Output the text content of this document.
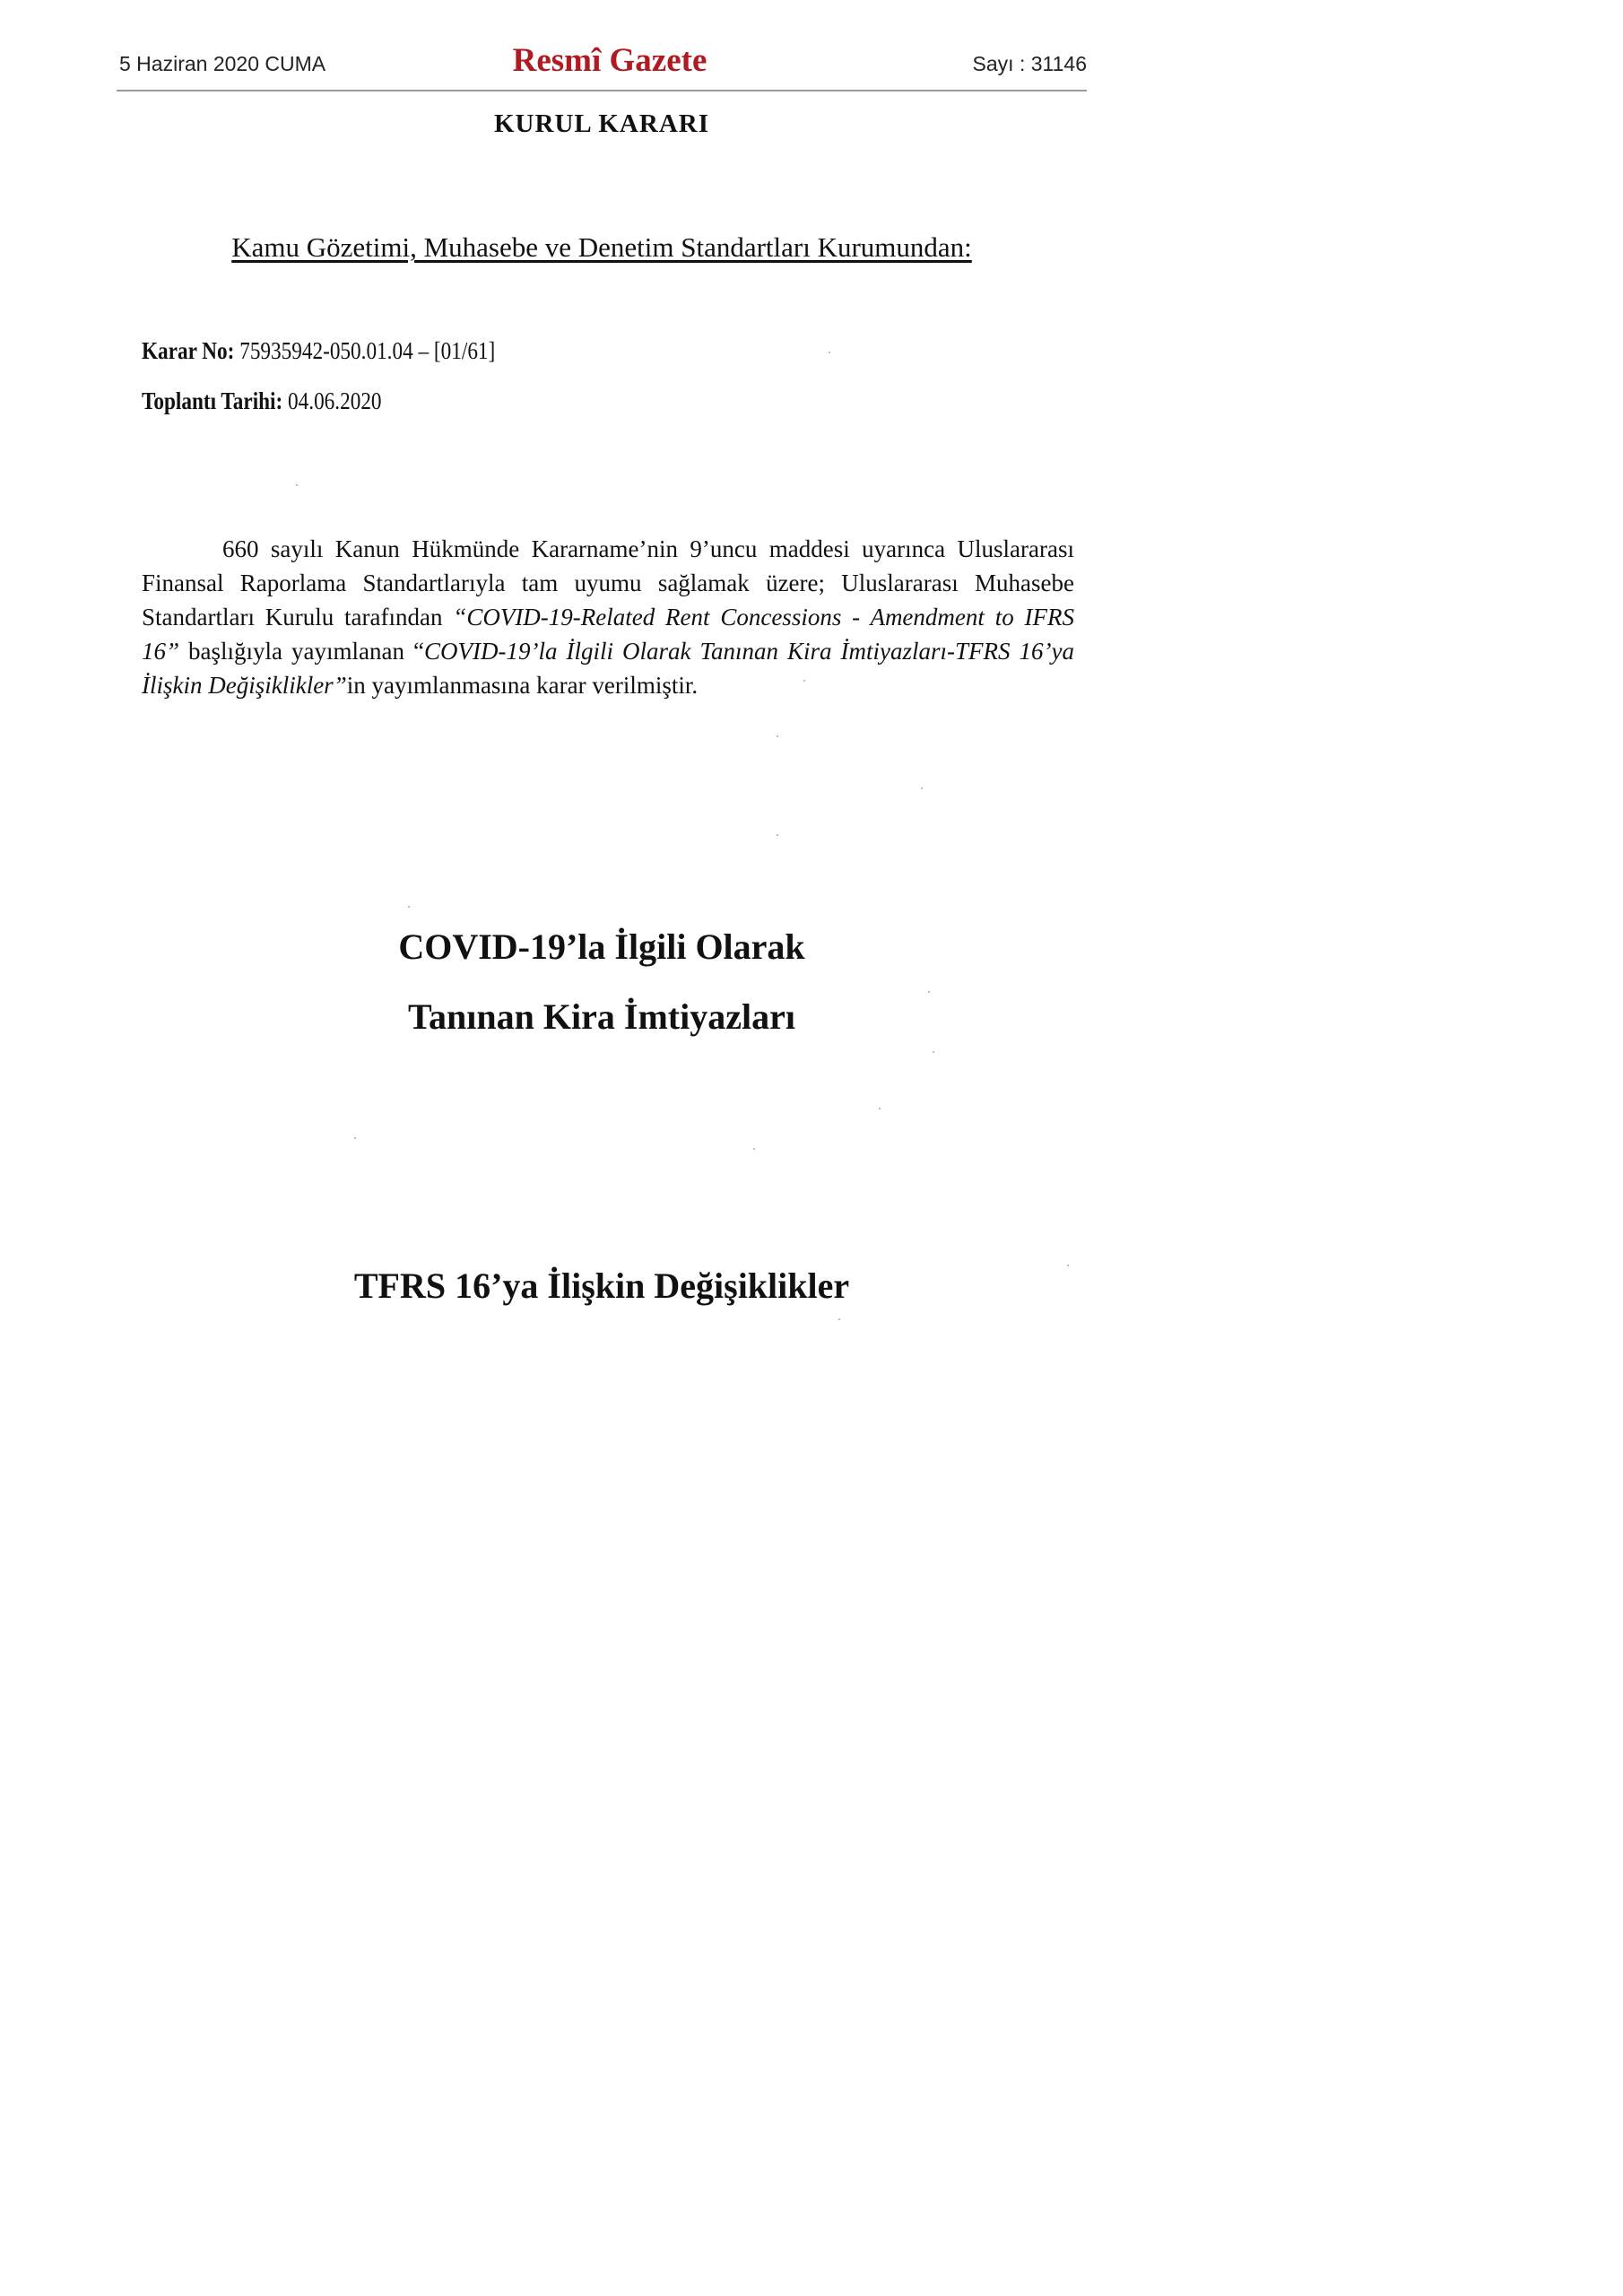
5 Haziran 2020 CUMA	Resmî Gazete	Sayı : 31146
KURUL KARARI
Kamu Gözetimi, Muhasebe ve Denetim Standartları Kurumundan:
Karar No: 75935942-050.01.04 – [01/61]
Toplantı Tarihi: 04.06.2020

660 sayılı Kanun Hükmünde Kararname’nin 9’uncu maddesi uyarınca Uluslararası Finansal Raporlama Standartlarıyla tam uyumu sağlamak üzere; Uluslararası Muhasebe Standartları Kurulu tarafından “COVID-19-Related Rent Concessions - Amendment to IFRS 16” başlığıyla yayımlanan “COVID-19’la İlgili Olarak Tanınan Kira İmtiyazları-TFRS 16’ya İlişkin Değişiklikler”in yayımlanmasına karar verilmiştir.

COVID-19’la İlgili Olarak
Tanınan Kira İmtiyazları
TFRS 16’ya İlişkin Değişiklikler
